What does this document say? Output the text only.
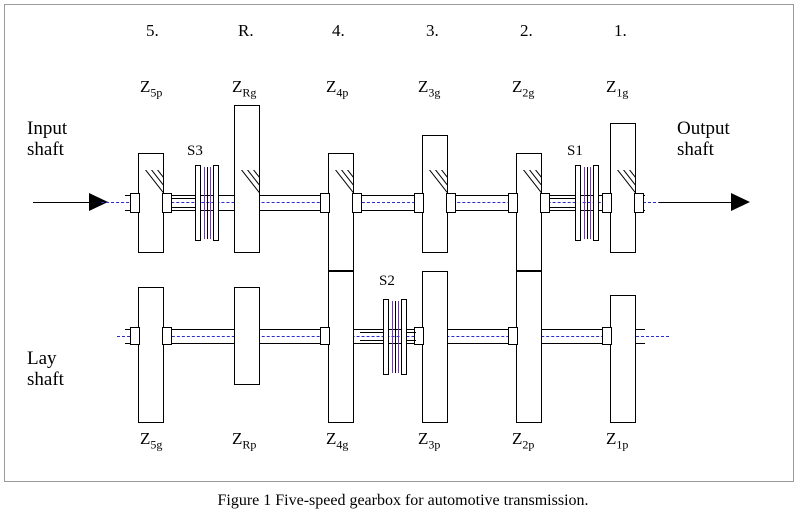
5.	R.	4.	3.	2.	1.
$Z_{5p}$	$Z_{Rg}$	$Z_{4p}$	$Z_{3g}$	$Z_{2g}$	$Z_{1g}$
$Z_{5g}$	$Z_{Rp}$	$Z_{4g}$	$Z_{3p}$	$Z_{2p}$	$Z_{1p}$
Input
shaft
Output
shaft
Lay
shaft
S3
S2
S1
Figure 1 Five-speed gearbox for automotive transmission.
